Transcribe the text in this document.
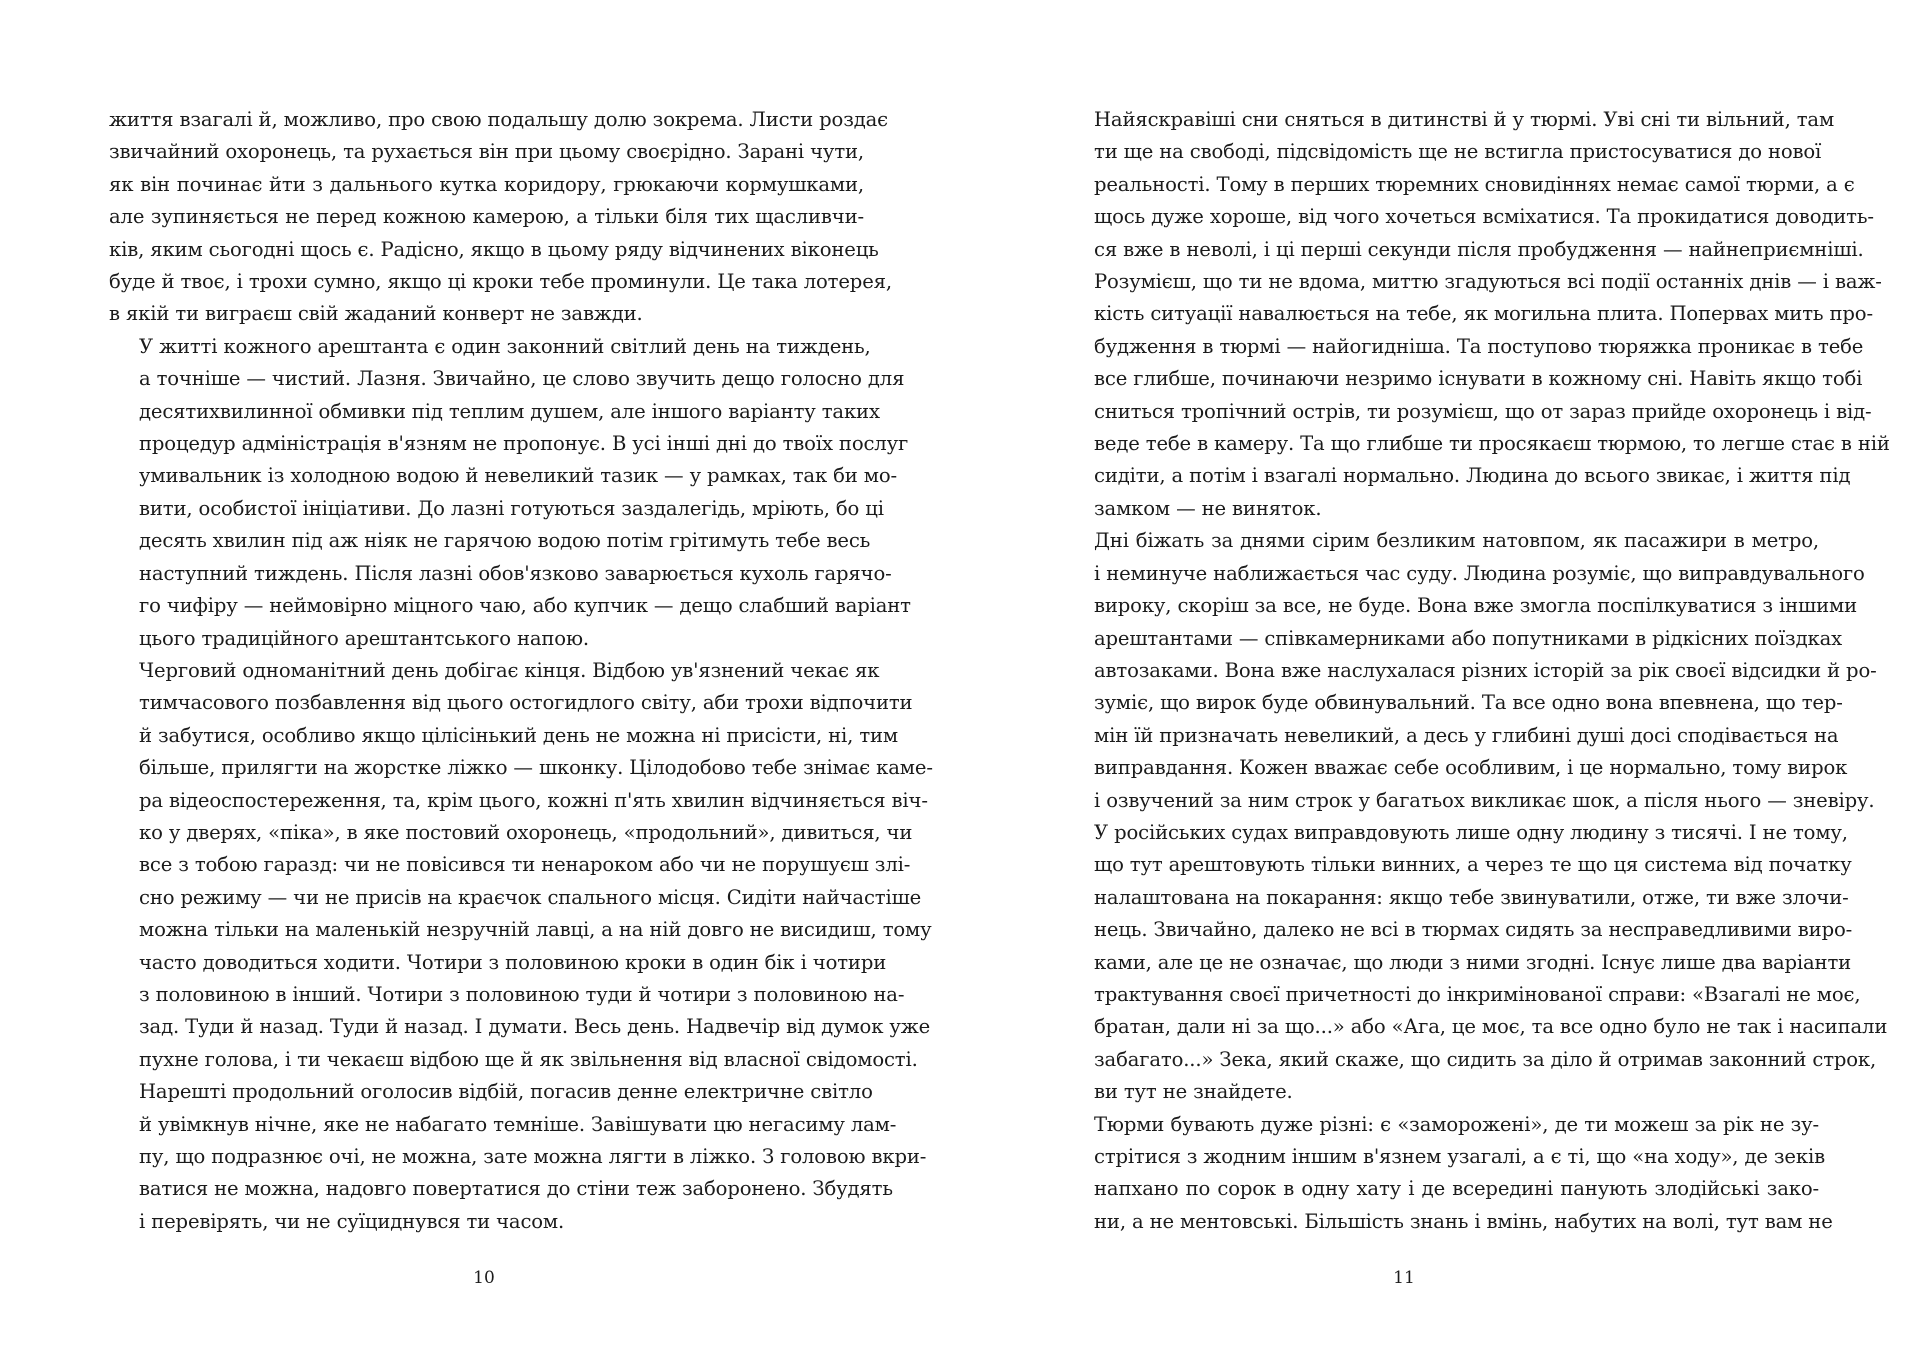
життя взагалі й, можливо, про свою подальшу долю зокрема. Листи роздає
звичайний охоронець, та рухається він при цьому своєрідно. Заранi чути,
як він починає йти з дальнього кутка коридору, грюкаючи кормушками,
але зупиняється не перед кожною камерою, а тільки біля тих щасливчи-
ків, яким сьогодні щось є. Радісно, якщо в цьому ряду відчинених віконець
буде й твоє, і трохи сумно, якщо ці кроки тебе проминули. Це така лотерея,
в якій ти виграєш свій жаданий конверт не завжди.

У житті кожного арештанта є один законний світлий день на тиждень,
а точніше — чистий. Лазня. Звичайно, це слово звучить дещо голосно для
десятихвилинної обмивки під теплим душем, але іншого варіанту таких
процедур адміністрація в'язням не пропонує. В усі інші дні до твоїх послуг
умивальник із холодною водою й невеликий тазик — у рамках, так би мо-
вити, особистої ініціативи. До лазні готуються заздалегідь, мріють, бо ці
десять хвилин під аж ніяк не гарячою водою потім грітимуть тебе весь
наступний тиждень. Після лазні обов'язково заварюється кухоль гарячо-
го чифіру — неймовірно міцного чаю, або купчик — дещо слабший варіант
цього традиційного арештантського напою.

Черговий одноманітний день добігає кінця. Відбою ув'язнений чекає як
тимчасового позбавлення від цього остогидлого світу, аби трохи відпочити
й забутися, особливо якщо цілісінький день не можна ні присісти, ні, тим
більше, прилягти на жорстке ліжко — шконку. Цілодобово тебе знімає каме-
ра відеоспостереження, та, крім цього, кожні п'ять хвилин відчиняється віч-
ко у дверях, «піка», в яке постовий охоронець, «продольний», дивиться, чи
все з тобою гаразд: чи не повісився ти ненароком або чи не порушуєш злі-
сно режиму — чи не присів на краєчок спального місця. Сидіти найчастіше
можна тільки на маленькій незручній лавці, а на ній довго не висидиш, тому
часто доводиться ходити. Чотири з половиною кроки в один бік і чотири
з половиною в інший. Чотири з половиною туди й чотири з половиною на-
зад. Туди й назад. Туди й назад. І думати. Весь день. Надвечір від думок уже
пухне голова, і ти чекаєш відбою ще й як звільнення від власної свідомості.

Нарешті продольний оголосив відбій, погасив денне електричне світло
й увімкнув нічне, яке не набагато темніше. Завішувати цю негасиму лам-
пу, що подразнює очі, не можна, зате можна лягти в ліжко. З головою вкри-
ватися не можна, надовго повертатися до стіни теж заборонено. Збудять
і перевірять, чи не суїциднувся ти часом.

10

Найяскравіші сни сняться в дитинстві й у тюрмі. Уві сні ти вільний, там
ти ще на свободі, підсвідомість ще не встигла пристосуватися до нової
реальності. Тому в перших тюремних сновидіннях немає самої тюрми, а є
щось дуже хороше, від чого хочеться всміхатися. Та прокидатися доводить-
ся вже в неволі, і ці перші секунди після пробудження — найнеприємніші.
Розумієш, що ти не вдома, миттю згадуються всі події останніх днів — і важ-
кість ситуації навалюється на тебе, як могильна плита. Попервах мить про-
будження в тюрмі — найогидніша. Та поступово тюряжка проникає в тебе
все глибше, починаючи незримо існувати в кожному сні. Навіть якщо тобі
сниться тропічний острів, ти розумієш, що от зараз прийде охоронець і від-
веде тебе в камеру. Та що глибше ти просякаєш тюрмою, то легше стає в ній
сидіти, а потім і взагалі нормально. Людина до всього звикає, і життя під
замком — не виняток.

Дні біжать за днями сірим безликим натовпом, як пасажири в метро,
і неминуче наближається час суду. Людина розуміє, що виправдувального
вироку, скоріш за все, не буде. Вона вже змогла поспілкуватися з іншими
арештантами — співкамерниками або попутниками в рідкісних поїздках
автозаками. Вона вже наслухалася різних історій за рік своєї відсидки й ро-
зуміє, що вирок буде обвинувальний. Та все одно вона впевнена, що тер-
мін їй призначать невеликий, а десь у глибині душі досі сподівається на
виправдання. Кожен вважає себе особливим, і це нормально, тому вирок
і озвучений за ним строк у багатьох викликає шок, а після нього — зневіру.
У російських судах виправдовують лише одну людину з тисячі. І не тому,
що тут арештовують тільки винних, а через те що ця система від початку
налаштована на покарання: якщо тебе звинуватили, отже, ти вже злочи-
нець. Звичайно, далеко не всі в тюрмах сидять за несправедливими виро-
ками, але це не означає, що люди з ними згодні. Існує лише два варіанти
трактування своєї причетності до інкримінованої справи: «Взагалі не моє,
братан, дали ні за що...» або «Ага, це моє, та все одно було не так і насипали
забагато...» Зека, який скаже, що сидить за діло й отримав законний строк,
ви тут не знайдете.

Тюрми бувають дуже різні: є «заморожені», де ти можеш за рік не зу-
стрітися з жодним іншим в'язнем узагалі, а є ті, що «на ходу», де зеків
напхано по сорок в одну хату і де всередині панують злодійські зако-
ни, а не ментовські. Більшість знань і вмінь, набутих на волі, тут вам не

11
